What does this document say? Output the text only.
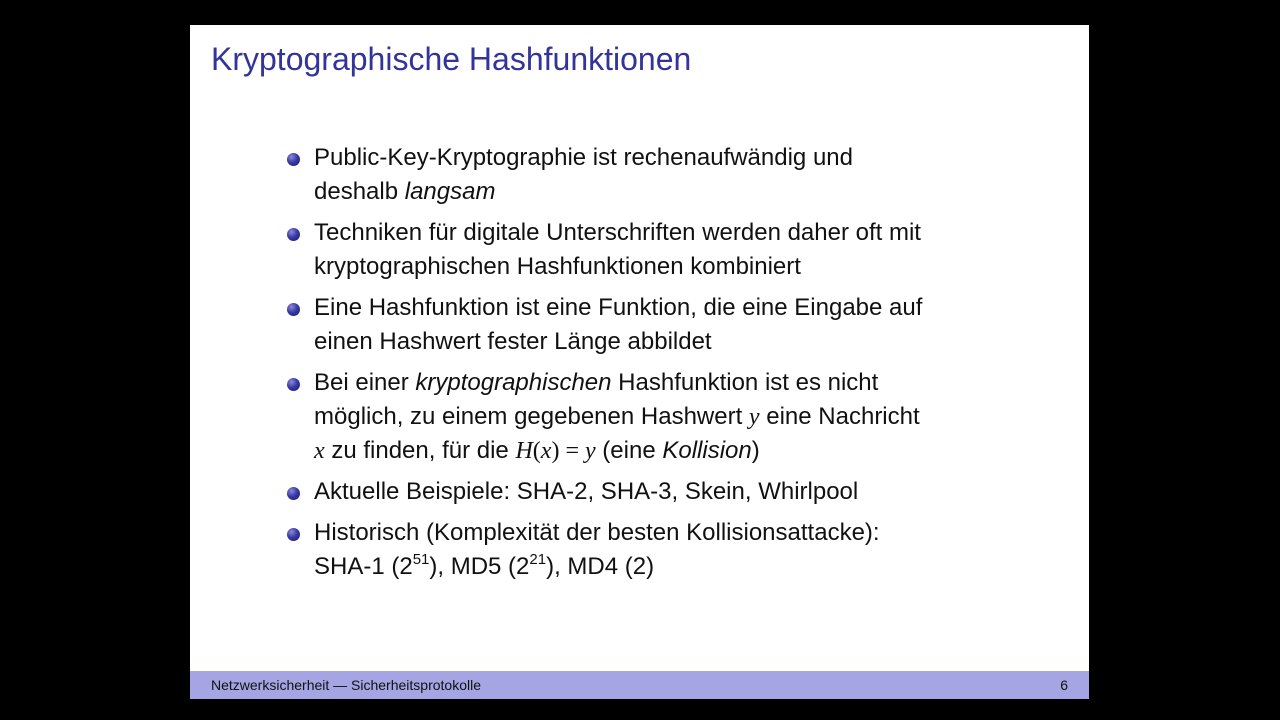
Kryptographische Hashfunktionen
Public-Key-Kryptographie ist rechenaufwändig und
deshalb langsam
Techniken für digitale Unterschriften werden daher oft mit
kryptographischen Hashfunktionen kombiniert
Eine Hashfunktion ist eine Funktion, die eine Eingabe auf
einen Hashwert fester Länge abbildet
Bei einer kryptographischen Hashfunktion ist es nicht
möglich, zu einem gegebenen Hashwert y eine Nachricht
x zu finden, für die H(x) = y (eine Kollision)
Aktuelle Beispiele: SHA-2, SHA-3, Skein, Whirlpool
Historisch (Komplexität der besten Kollisionsattacke):
SHA-1 $(2^{51})$, MD5 $(2^{21})$, MD4 (2)
Netzwerksicherheit — Sicherheitsprotokolle	6
